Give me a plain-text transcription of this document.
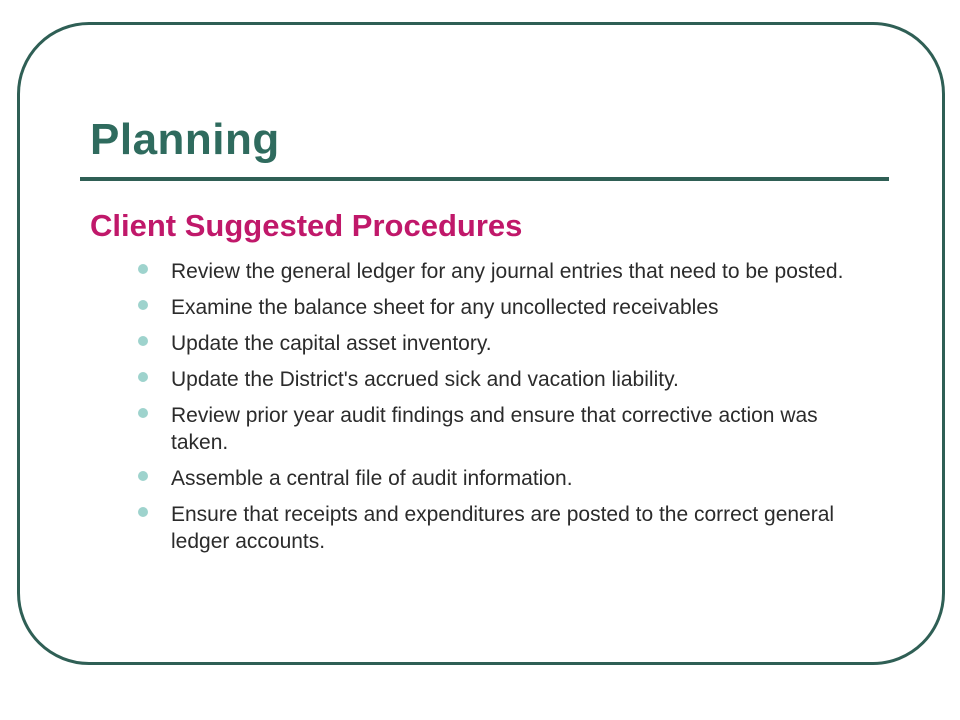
Planning
Client Suggested Procedures
Review the general ledger for any journal entries that need to be posted.
Examine the balance sheet for any uncollected receivables
Update the capital asset inventory.
Update the District's accrued sick and vacation liability.
Review prior year audit findings and ensure that corrective action was taken.
Assemble a central file of audit information.
Ensure that receipts and expenditures are posted to the correct general ledger accounts.
